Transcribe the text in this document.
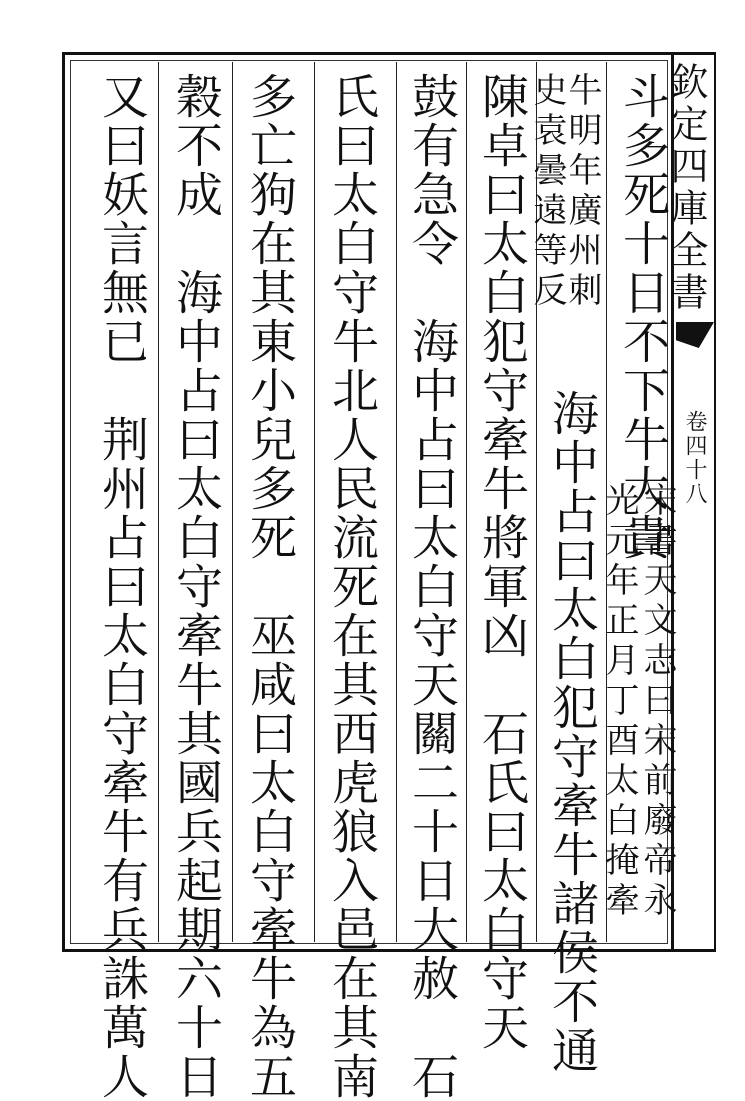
欽定四庫全書
卷四十八
斗多死十日不下牛大貴
宋書天文志曰宋前廢帝永
光元年正月丁酉太白掩牽
牛明年廣州刺
史袁曇遠等反
　海中占曰太白犯守牽牛諸侯不通
陳卓曰太白犯守牽牛將軍凶　石氏曰太白守天
鼓有急令　海中占曰太白守天關二十日大赦　石
氏曰太白守牛北人民流死在其西虎狼入邑在其南
多亡狗在其東小兒多死　巫咸曰太白守牽牛為五
穀不成　海中占曰太白守牽牛其國兵起期六十日
又曰妖言無已　荆州占曰太白守牽牛有兵誅萬人
